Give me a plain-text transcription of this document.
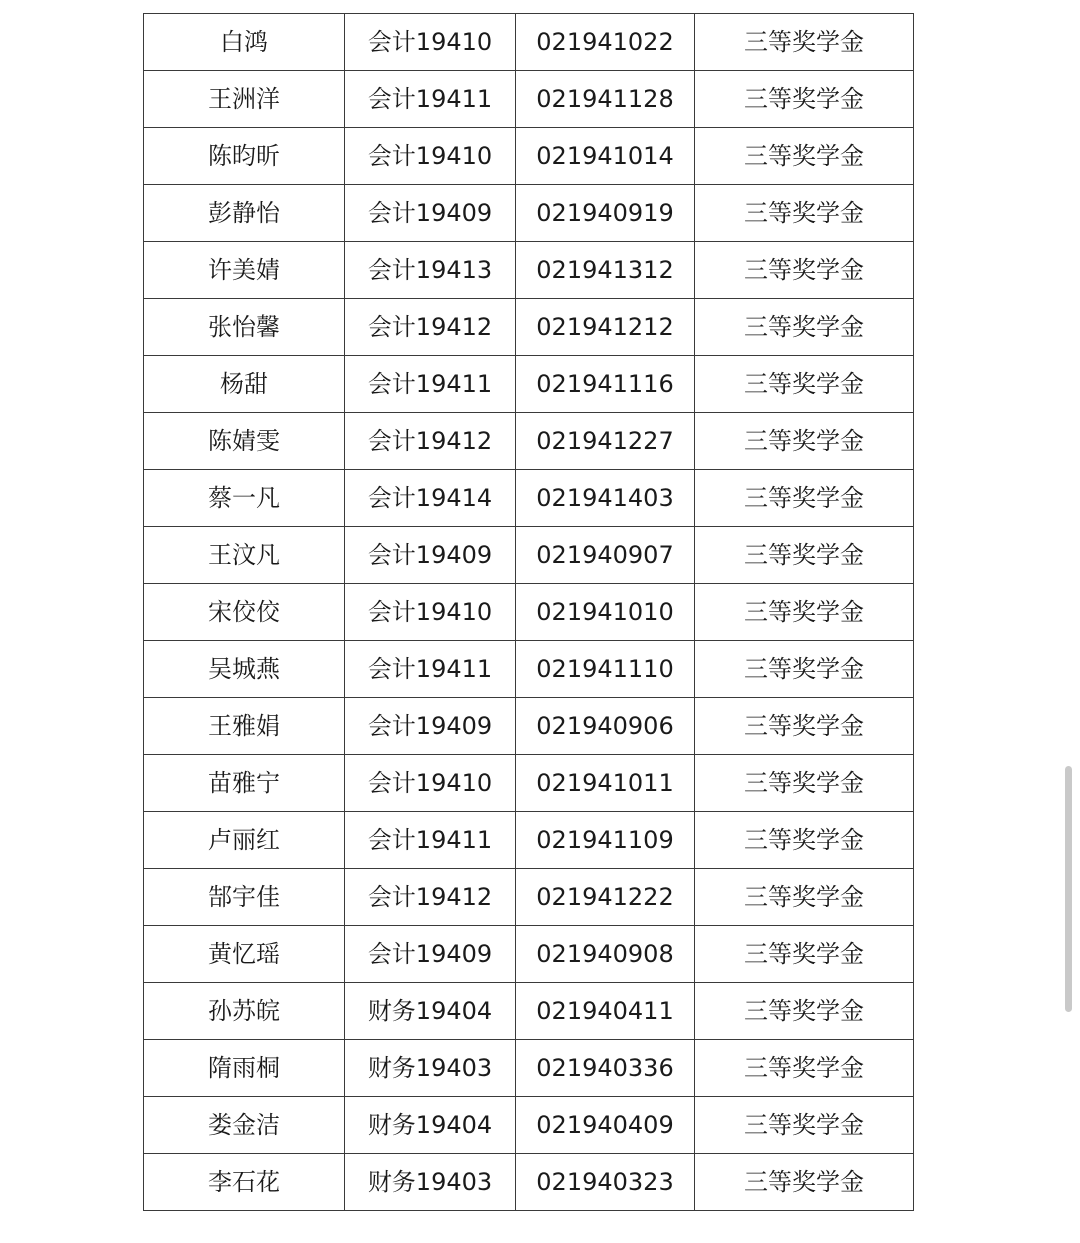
白鸿	会计19410	021941022	三等奖学金
王洲洋	会计19411	021941128	三等奖学金
陈昀昕	会计19410	021941014	三等奖学金
彭静怡	会计19409	021940919	三等奖学金
许美婧	会计19413	021941312	三等奖学金
张怡馨	会计19412	021941212	三等奖学金
杨甜	会计19411	021941116	三等奖学金
陈婧雯	会计19412	021941227	三等奖学金
蔡一凡	会计19414	021941403	三等奖学金
王汶凡	会计19409	021940907	三等奖学金
宋佼佼	会计19410	021941010	三等奖学金
吴城燕	会计19411	021941110	三等奖学金
王雅娟	会计19409	021940906	三等奖学金
苗雅宁	会计19410	021941011	三等奖学金
卢丽红	会计19411	021941109	三等奖学金
郜宇佳	会计19412	021941222	三等奖学金
黄忆瑶	会计19409	021940908	三等奖学金
孙苏皖	财务19404	021940411	三等奖学金
隋雨桐	财务19403	021940336	三等奖学金
娄金洁	财务19404	021940409	三等奖学金
李石花	财务19403	021940323	三等奖学金
